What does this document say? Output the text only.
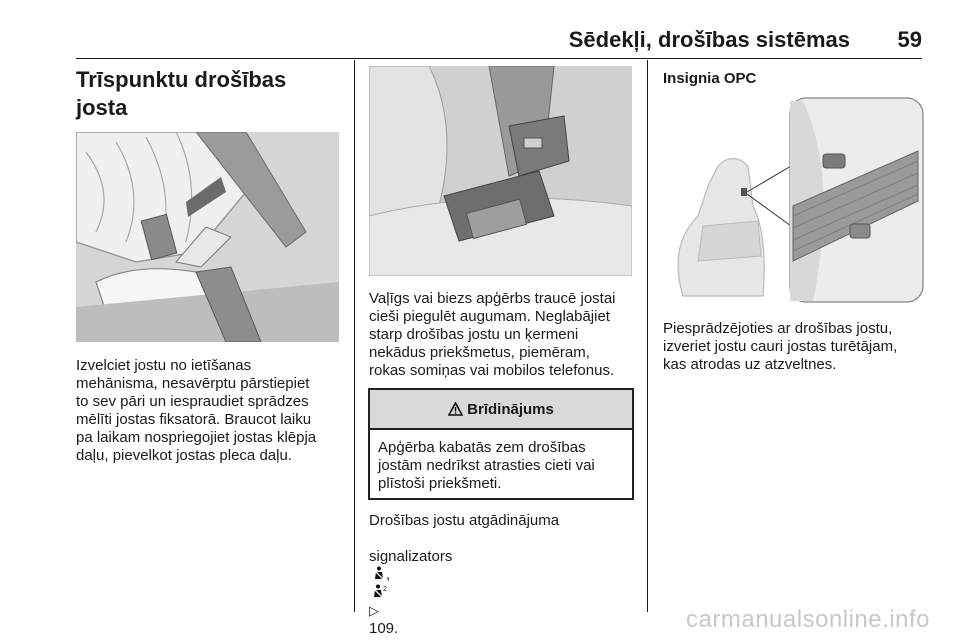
Sēdekļi, drošības sistēmas 59
Trīspunktu drošības josta

Izvelciet jostu no ietīšanas
mehānisma, nesavērptu pārstiepiet
to sev pāri un iespraudiet sprādzes
mēlīti jostas fiksatorā. Braucot laiku
pa laikam nospriegojiet jostas klēpja
daļu, pievelkot jostas pleca daļu.

Vaļīgs vai biezs apģērbs traucē jostai
cieši piegulēt augumam. Neglabājiet
starp drošības jostu un ķermeni
nekādus priekšmetus, piemēram,
rokas somiņas vai mobilos telefonus.

Brīdinājums
Apģērba kabatās zem drošības
jostām nedrīkst atrasties cieti vai
plīstoši priekšmeti.
Drošības jostu atgādinājuma

signalizators
,

2

▷
109.

Insignia OPC

Piesprādzējoties ar drošības jostu,
izveriet jostu cauri jostas turētājam,
kas atrodas uz atzveltnes.

carmanualsonline.info
